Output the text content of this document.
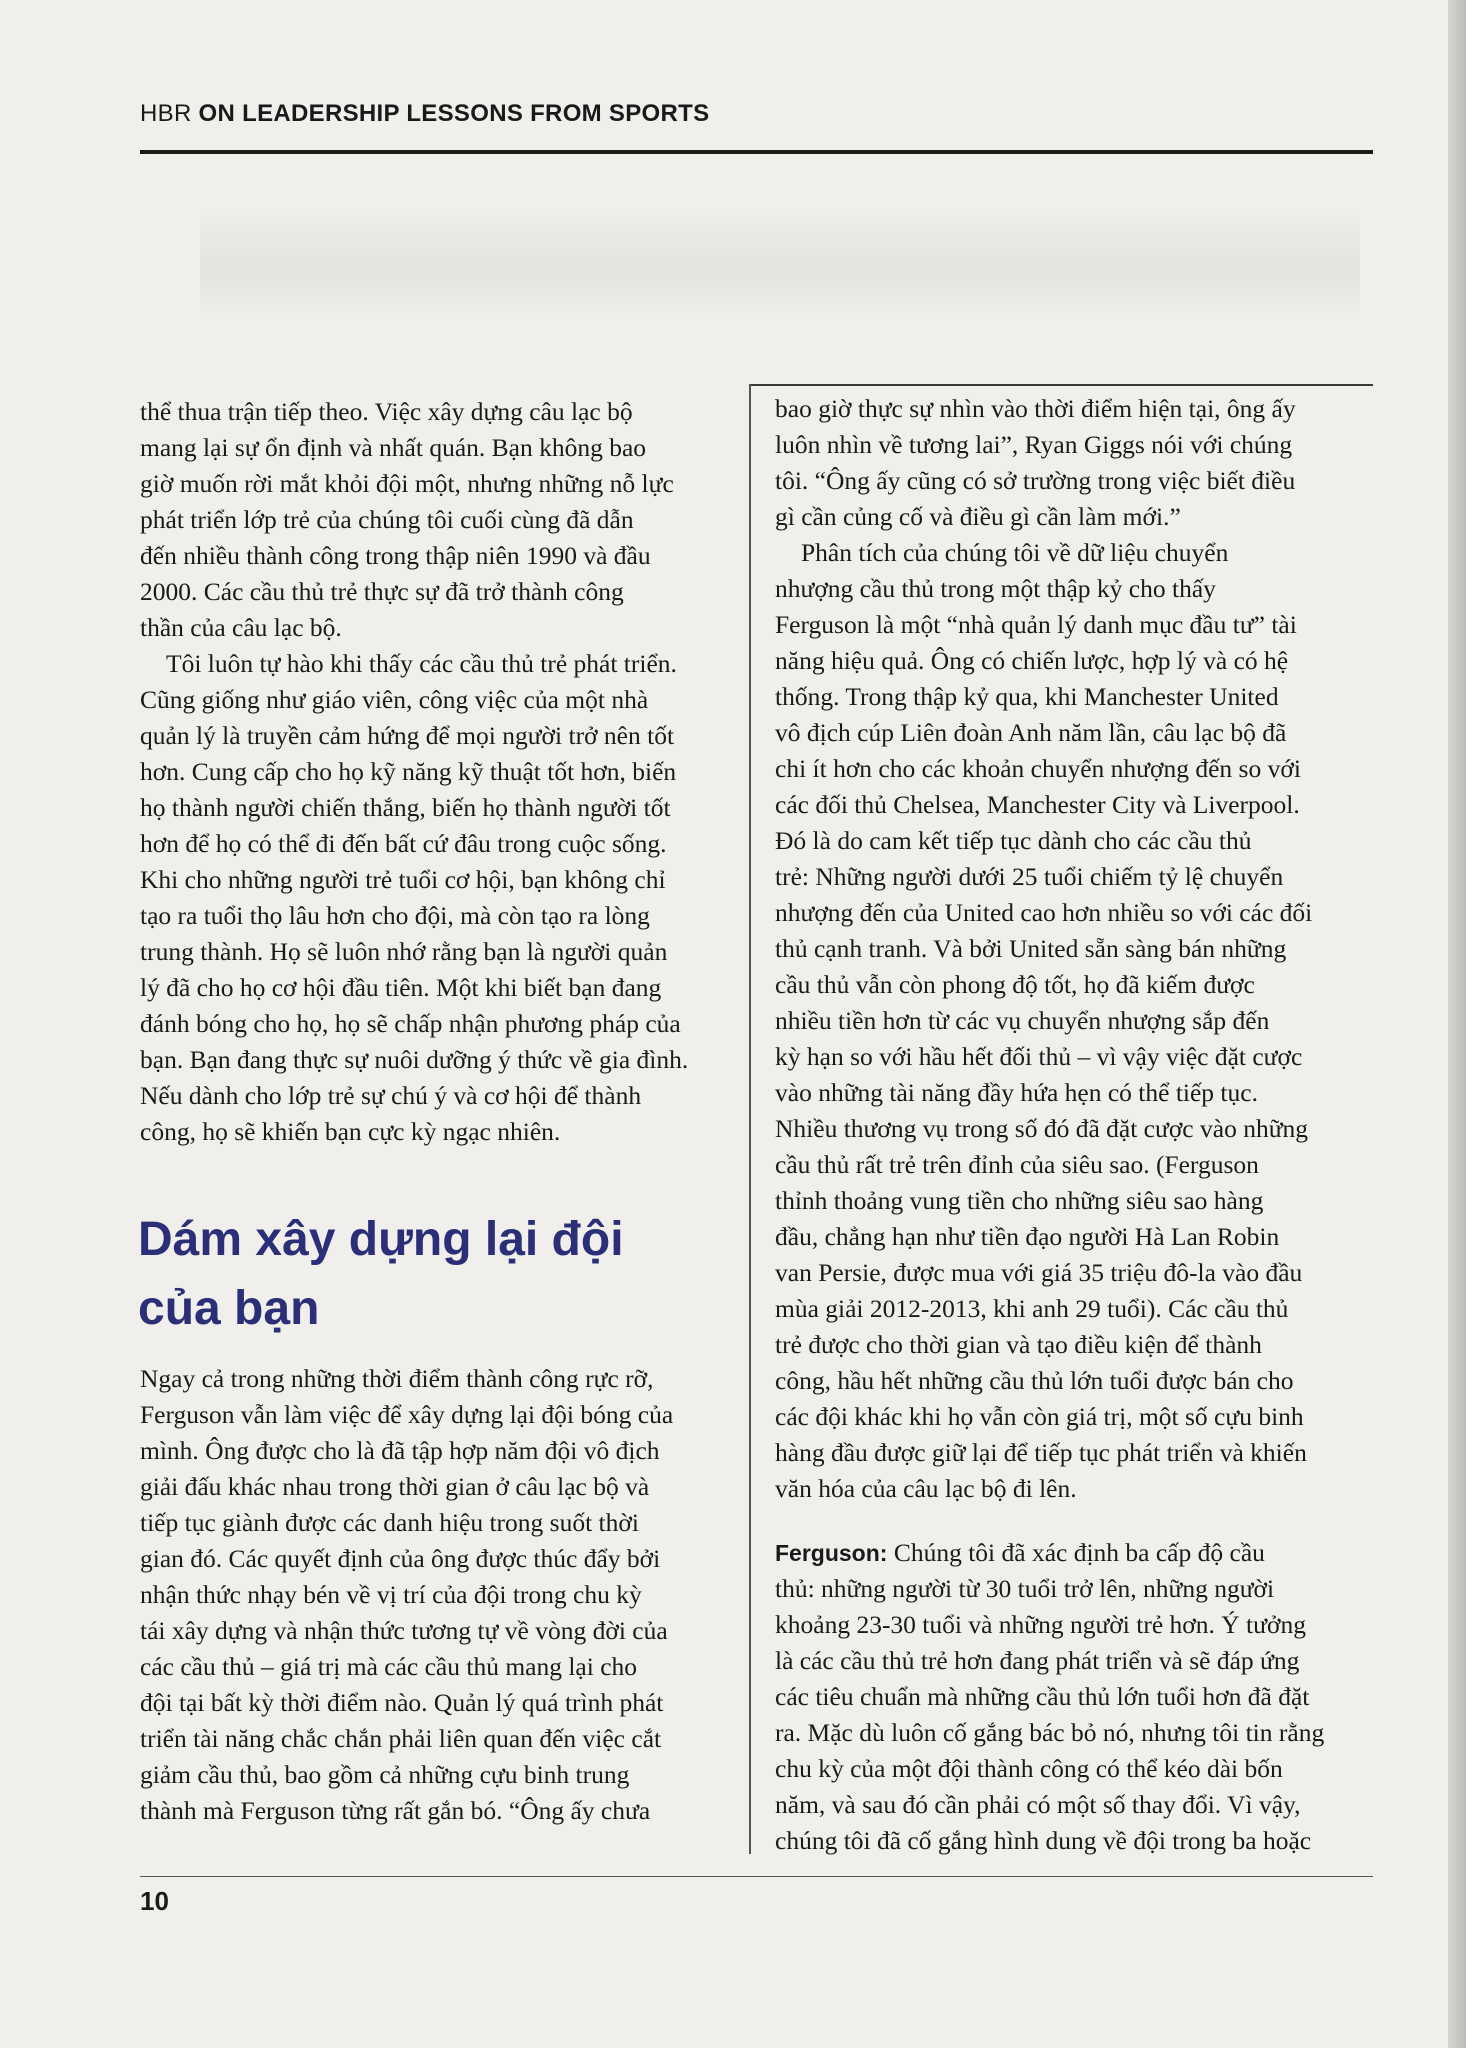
HBR ON LEADERSHIP LESSONS FROM SPORTS
thể thua trận tiếp theo. Việc xây dựng câu lạc bộ
mang lại sự ổn định và nhất quán. Bạn không bao
giờ muốn rời mắt khỏi đội một, nhưng những nỗ lực
phát triển lớp trẻ của chúng tôi cuối cùng đã dẫn
đến nhiều thành công trong thập niên 1990 và đầu
2000. Các cầu thủ trẻ thực sự đã trở thành công
thần của câu lạc bộ.
Tôi luôn tự hào khi thấy các cầu thủ trẻ phát triển.
Cũng giống như giáo viên, công việc của một nhà
quản lý là truyền cảm hứng để mọi người trở nên tốt
hơn. Cung cấp cho họ kỹ năng kỹ thuật tốt hơn, biến
họ thành người chiến thắng, biến họ thành người tốt
hơn để họ có thể đi đến bất cứ đâu trong cuộc sống.
Khi cho những người trẻ tuổi cơ hội, bạn không chỉ
tạo ra tuổi thọ lâu hơn cho đội, mà còn tạo ra lòng
trung thành. Họ sẽ luôn nhớ rằng bạn là người quản
lý đã cho họ cơ hội đầu tiên. Một khi biết bạn đang
đánh bóng cho họ, họ sẽ chấp nhận phương pháp của
bạn. Bạn đang thực sự nuôi dưỡng ý thức về gia đình.
Nếu dành cho lớp trẻ sự chú ý và cơ hội để thành
công, họ sẽ khiến bạn cực kỳ ngạc nhiên.
Dám xây dựng lại đội
của bạn
Ngay cả trong những thời điểm thành công rực rỡ,
Ferguson vẫn làm việc để xây dựng lại đội bóng của
mình. Ông được cho là đã tập hợp năm đội vô địch
giải đấu khác nhau trong thời gian ở câu lạc bộ và
tiếp tục giành được các danh hiệu trong suốt thời
gian đó. Các quyết định của ông được thúc đẩy bởi
nhận thức nhạy bén về vị trí của đội trong chu kỳ
tái xây dựng và nhận thức tương tự về vòng đời của
các cầu thủ – giá trị mà các cầu thủ mang lại cho
đội tại bất kỳ thời điểm nào. Quản lý quá trình phát
triển tài năng chắc chắn phải liên quan đến việc cắt
giảm cầu thủ, bao gồm cả những cựu binh trung
thành mà Ferguson từng rất gắn bó. “Ông ấy chưa
bao giờ thực sự nhìn vào thời điểm hiện tại, ông ấy
luôn nhìn về tương lai”, Ryan Giggs nói với chúng
tôi. “Ông ấy cũng có sở trường trong việc biết điều
gì cần củng cố và điều gì cần làm mới.”
Phân tích của chúng tôi về dữ liệu chuyển
nhượng cầu thủ trong một thập kỷ cho thấy
Ferguson là một “nhà quản lý danh mục đầu tư” tài
năng hiệu quả. Ông có chiến lược, hợp lý và có hệ
thống. Trong thập kỷ qua, khi Manchester United
vô địch cúp Liên đoàn Anh năm lần, câu lạc bộ đã
chi ít hơn cho các khoản chuyển nhượng đến so với
các đối thủ Chelsea, Manchester City và Liverpool.
Đó là do cam kết tiếp tục dành cho các cầu thủ
trẻ: Những người dưới 25 tuổi chiếm tỷ lệ chuyển
nhượng đến của United cao hơn nhiều so với các đối
thủ cạnh tranh. Và bởi United sẵn sàng bán những
cầu thủ vẫn còn phong độ tốt, họ đã kiếm được
nhiều tiền hơn từ các vụ chuyển nhượng sắp đến
kỳ hạn so với hầu hết đối thủ – vì vậy việc đặt cược
vào những tài năng đầy hứa hẹn có thể tiếp tục.
Nhiều thương vụ trong số đó đã đặt cược vào những
cầu thủ rất trẻ trên đỉnh của siêu sao. (Ferguson
thỉnh thoảng vung tiền cho những siêu sao hàng
đầu, chẳng hạn như tiền đạo người Hà Lan Robin
van Persie, được mua với giá 35 triệu đô-la vào đầu
mùa giải 2012-2013, khi anh 29 tuổi). Các cầu thủ
trẻ được cho thời gian và tạo điều kiện để thành
công, hầu hết những cầu thủ lớn tuổi được bán cho
các đội khác khi họ vẫn còn giá trị, một số cựu binh
hàng đầu được giữ lại để tiếp tục phát triển và khiến
văn hóa của câu lạc bộ đi lên.
Ferguson: Chúng tôi đã xác định ba cấp độ cầu
thủ: những người từ 30 tuổi trở lên, những người
khoảng 23-30 tuổi và những người trẻ hơn. Ý tưởng
là các cầu thủ trẻ hơn đang phát triển và sẽ đáp ứng
các tiêu chuẩn mà những cầu thủ lớn tuổi hơn đã đặt
ra. Mặc dù luôn cố gắng bác bỏ nó, nhưng tôi tin rằng
chu kỳ của một đội thành công có thể kéo dài bốn
năm, và sau đó cần phải có một số thay đổi. Vì vậy,
chúng tôi đã cố gắng hình dung về đội trong ba hoặc
10
